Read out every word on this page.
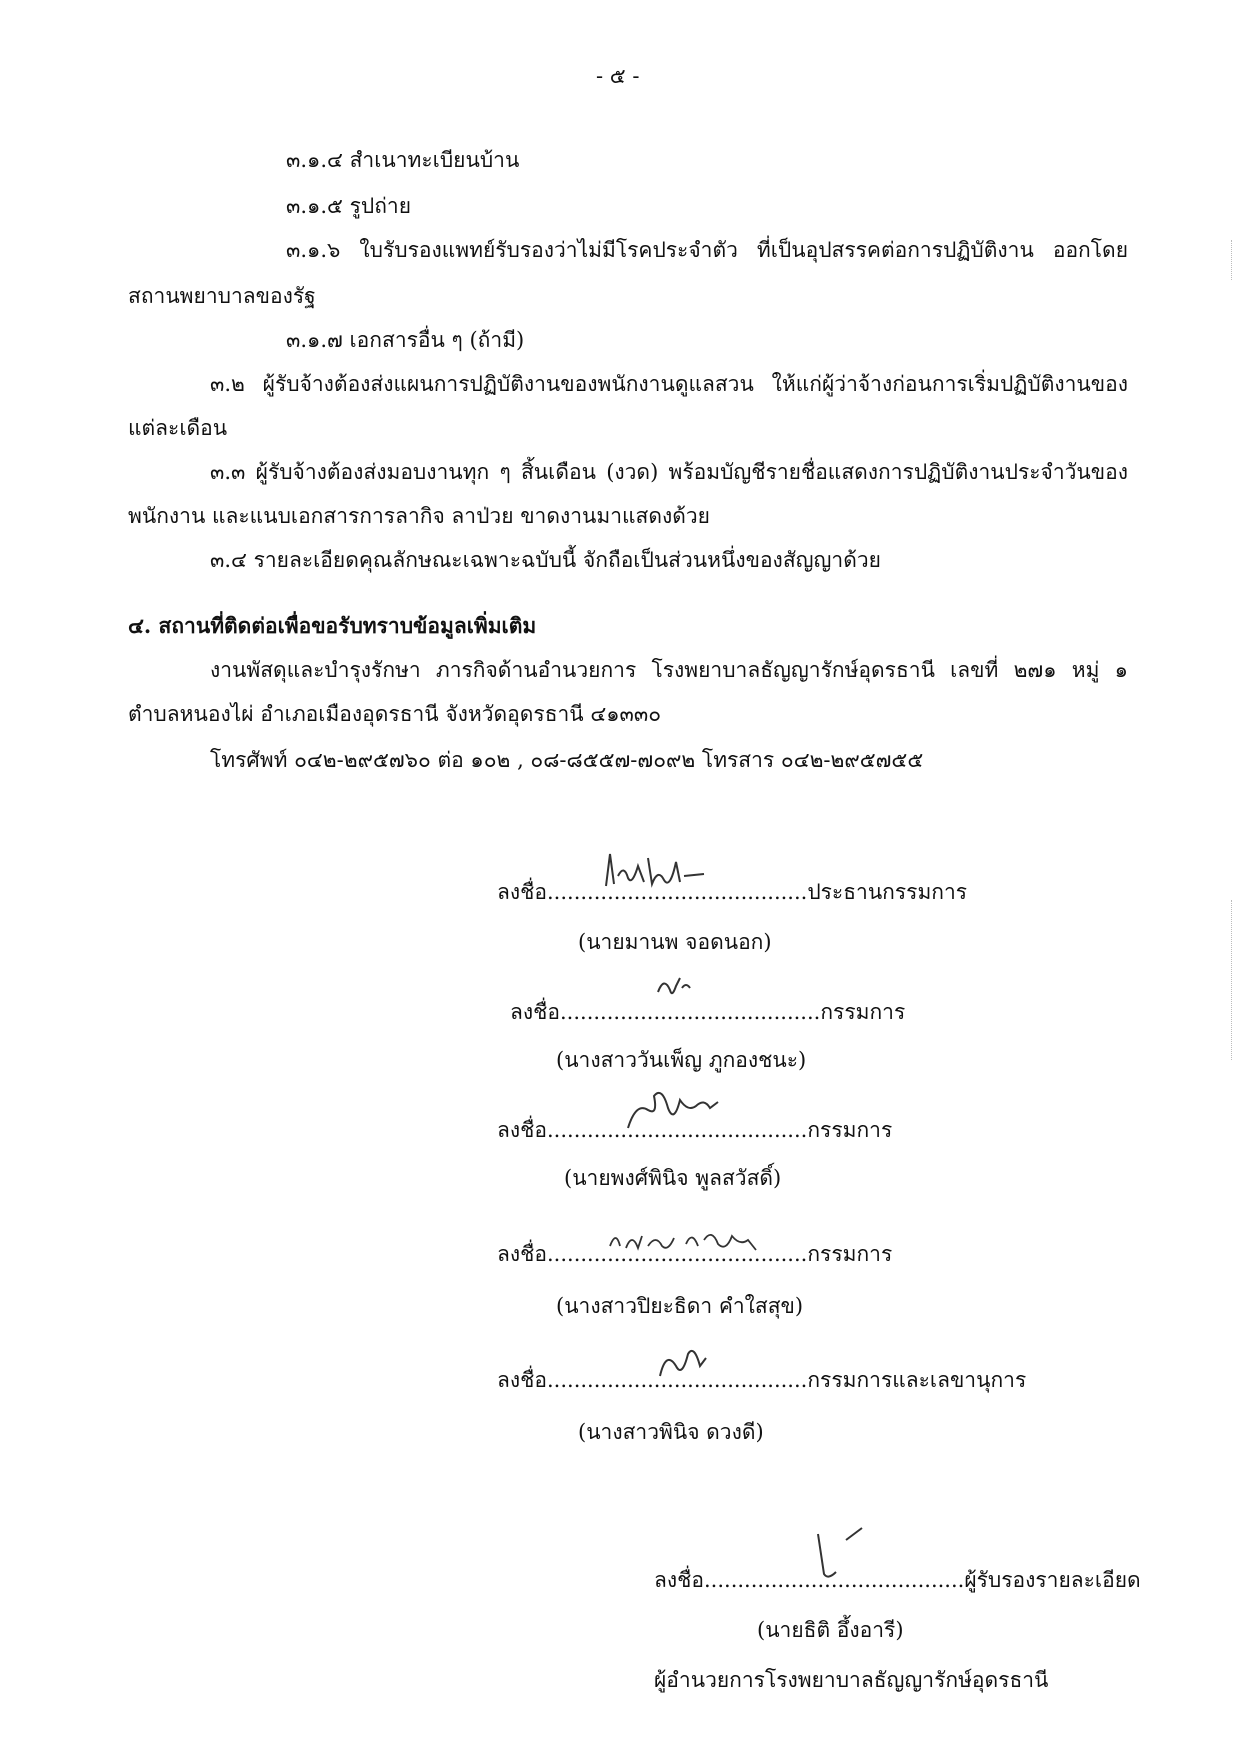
- ๕ -
๓.๑.๔ สำเนาทะเบียนบ้าน
๓.๑.๕ รูปถ่าย
๓.๑.๖ ใบรับรองแพทย์รับรองว่าไม่มีโรคประจำตัว ที่เป็นอุปสรรคต่อการปฏิบัติงาน ออกโดย
สถานพยาบาลของรัฐ
๓.๑.๗ เอกสารอื่น ๆ (ถ้ามี)
๓.๒ ผู้รับจ้างต้องส่งแผนการปฏิบัติงานของพนักงานดูแลสวน ให้แก่ผู้ว่าจ้างก่อนการเริ่มปฏิบัติงานของ
แต่ละเดือน
๓.๓ ผู้รับจ้างต้องส่งมอบงานทุก ๆ สิ้นเดือน (งวด) พร้อมบัญชีรายชื่อแสดงการปฏิบัติงานประจำวันของ
พนักงาน และแนบเอกสารการลากิจ ลาป่วย ขาดงานมาแสดงด้วย
๓.๔ รายละเอียดคุณลักษณะเฉพาะฉบับนี้ จักถือเป็นส่วนหนึ่งของสัญญาด้วย
๔. สถานที่ติดต่อเพื่อขอรับทราบข้อมูลเพิ่มเติม
งานพัสดุและบำรุงรักษา ภารกิจด้านอำนวยการ โรงพยาบาลธัญญารักษ์อุดรธานี เลขที่ ๒๗๑ หมู่ ๑
ตำบลหนองไผ่ อำเภอเมืองอุดรธานี จังหวัดอุดรธานี ๔๑๓๓๐
โทรศัพท์ ๐๔๒-๒๙๕๗๖๐ ต่อ ๑๐๒ , ๐๘-๘๕๕๗-๗๐๙๒ โทรสาร ๐๔๒-๒๙๕๗๕๕
ลงชื่อ.......................................ประธานกรรมการ
(นายมานพ จอดนอก)
ลงชื่อ.......................................กรรมการ
(นางสาววันเพ็ญ ภูกองชนะ)
ลงชื่อ.......................................กรรมการ
(นายพงศ์พินิจ พูลสวัสดิ์)
ลงชื่อ.......................................กรรมการ
(นางสาวปิยะธิดา คำใสสุข)
ลงชื่อ.......................................กรรมการและเลขานุการ
(นางสาวพินิจ ดวงดี)
ลงชื่อ.......................................ผู้รับรองรายละเอียด
(นายธิติ อึ้งอารี)
ผู้อำนวยการโรงพยาบาลธัญญารักษ์อุดรธานี
